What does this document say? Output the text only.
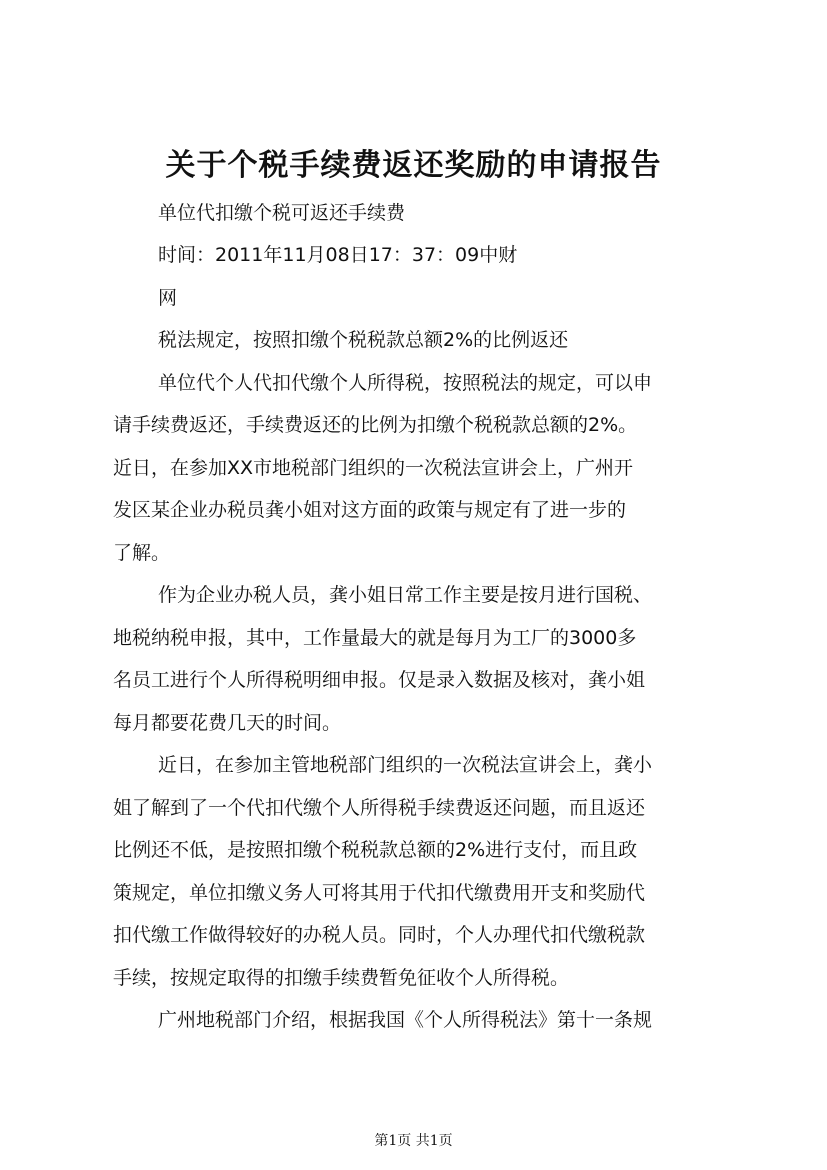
关于个税手续费返还奖励的申请报告
单位代扣缴个税可返还手续费
时间：2011年11月08日17：37：09中财
网
税法规定，按照扣缴个税税款总额2%的比例返还
单位代个人代扣代缴个人所得税，按照税法的规定，可以申
请手续费返还，手续费返还的比例为扣缴个税税款总额的2%。
近日，在参加XX市地税部门组织的一次税法宣讲会上，广州开
发区某企业办税员龚小姐对这方面的政策与规定有了进一步的
了解。
作为企业办税人员，龚小姐日常工作主要是按月进行国税、
地税纳税申报，其中，工作量最大的就是每月为工厂的3000多
名员工进行个人所得税明细申报。仅是录入数据及核对，龚小姐
每月都要花费几天的时间。
近日，在参加主管地税部门组织的一次税法宣讲会上，龚小
姐了解到了一个代扣代缴个人所得税手续费返还问题，而且返还
比例还不低，是按照扣缴个税税款总额的2%进行支付，而且政
策规定，单位扣缴义务人可将其用于代扣代缴费用开支和奖励代
扣代缴工作做得较好的办税人员。同时，个人办理代扣代缴税款
手续，按规定取得的扣缴手续费暂免征收个人所得税。
广州地税部门介绍，根据我国《个人所得税法》第十一条规
第1页 共1页
